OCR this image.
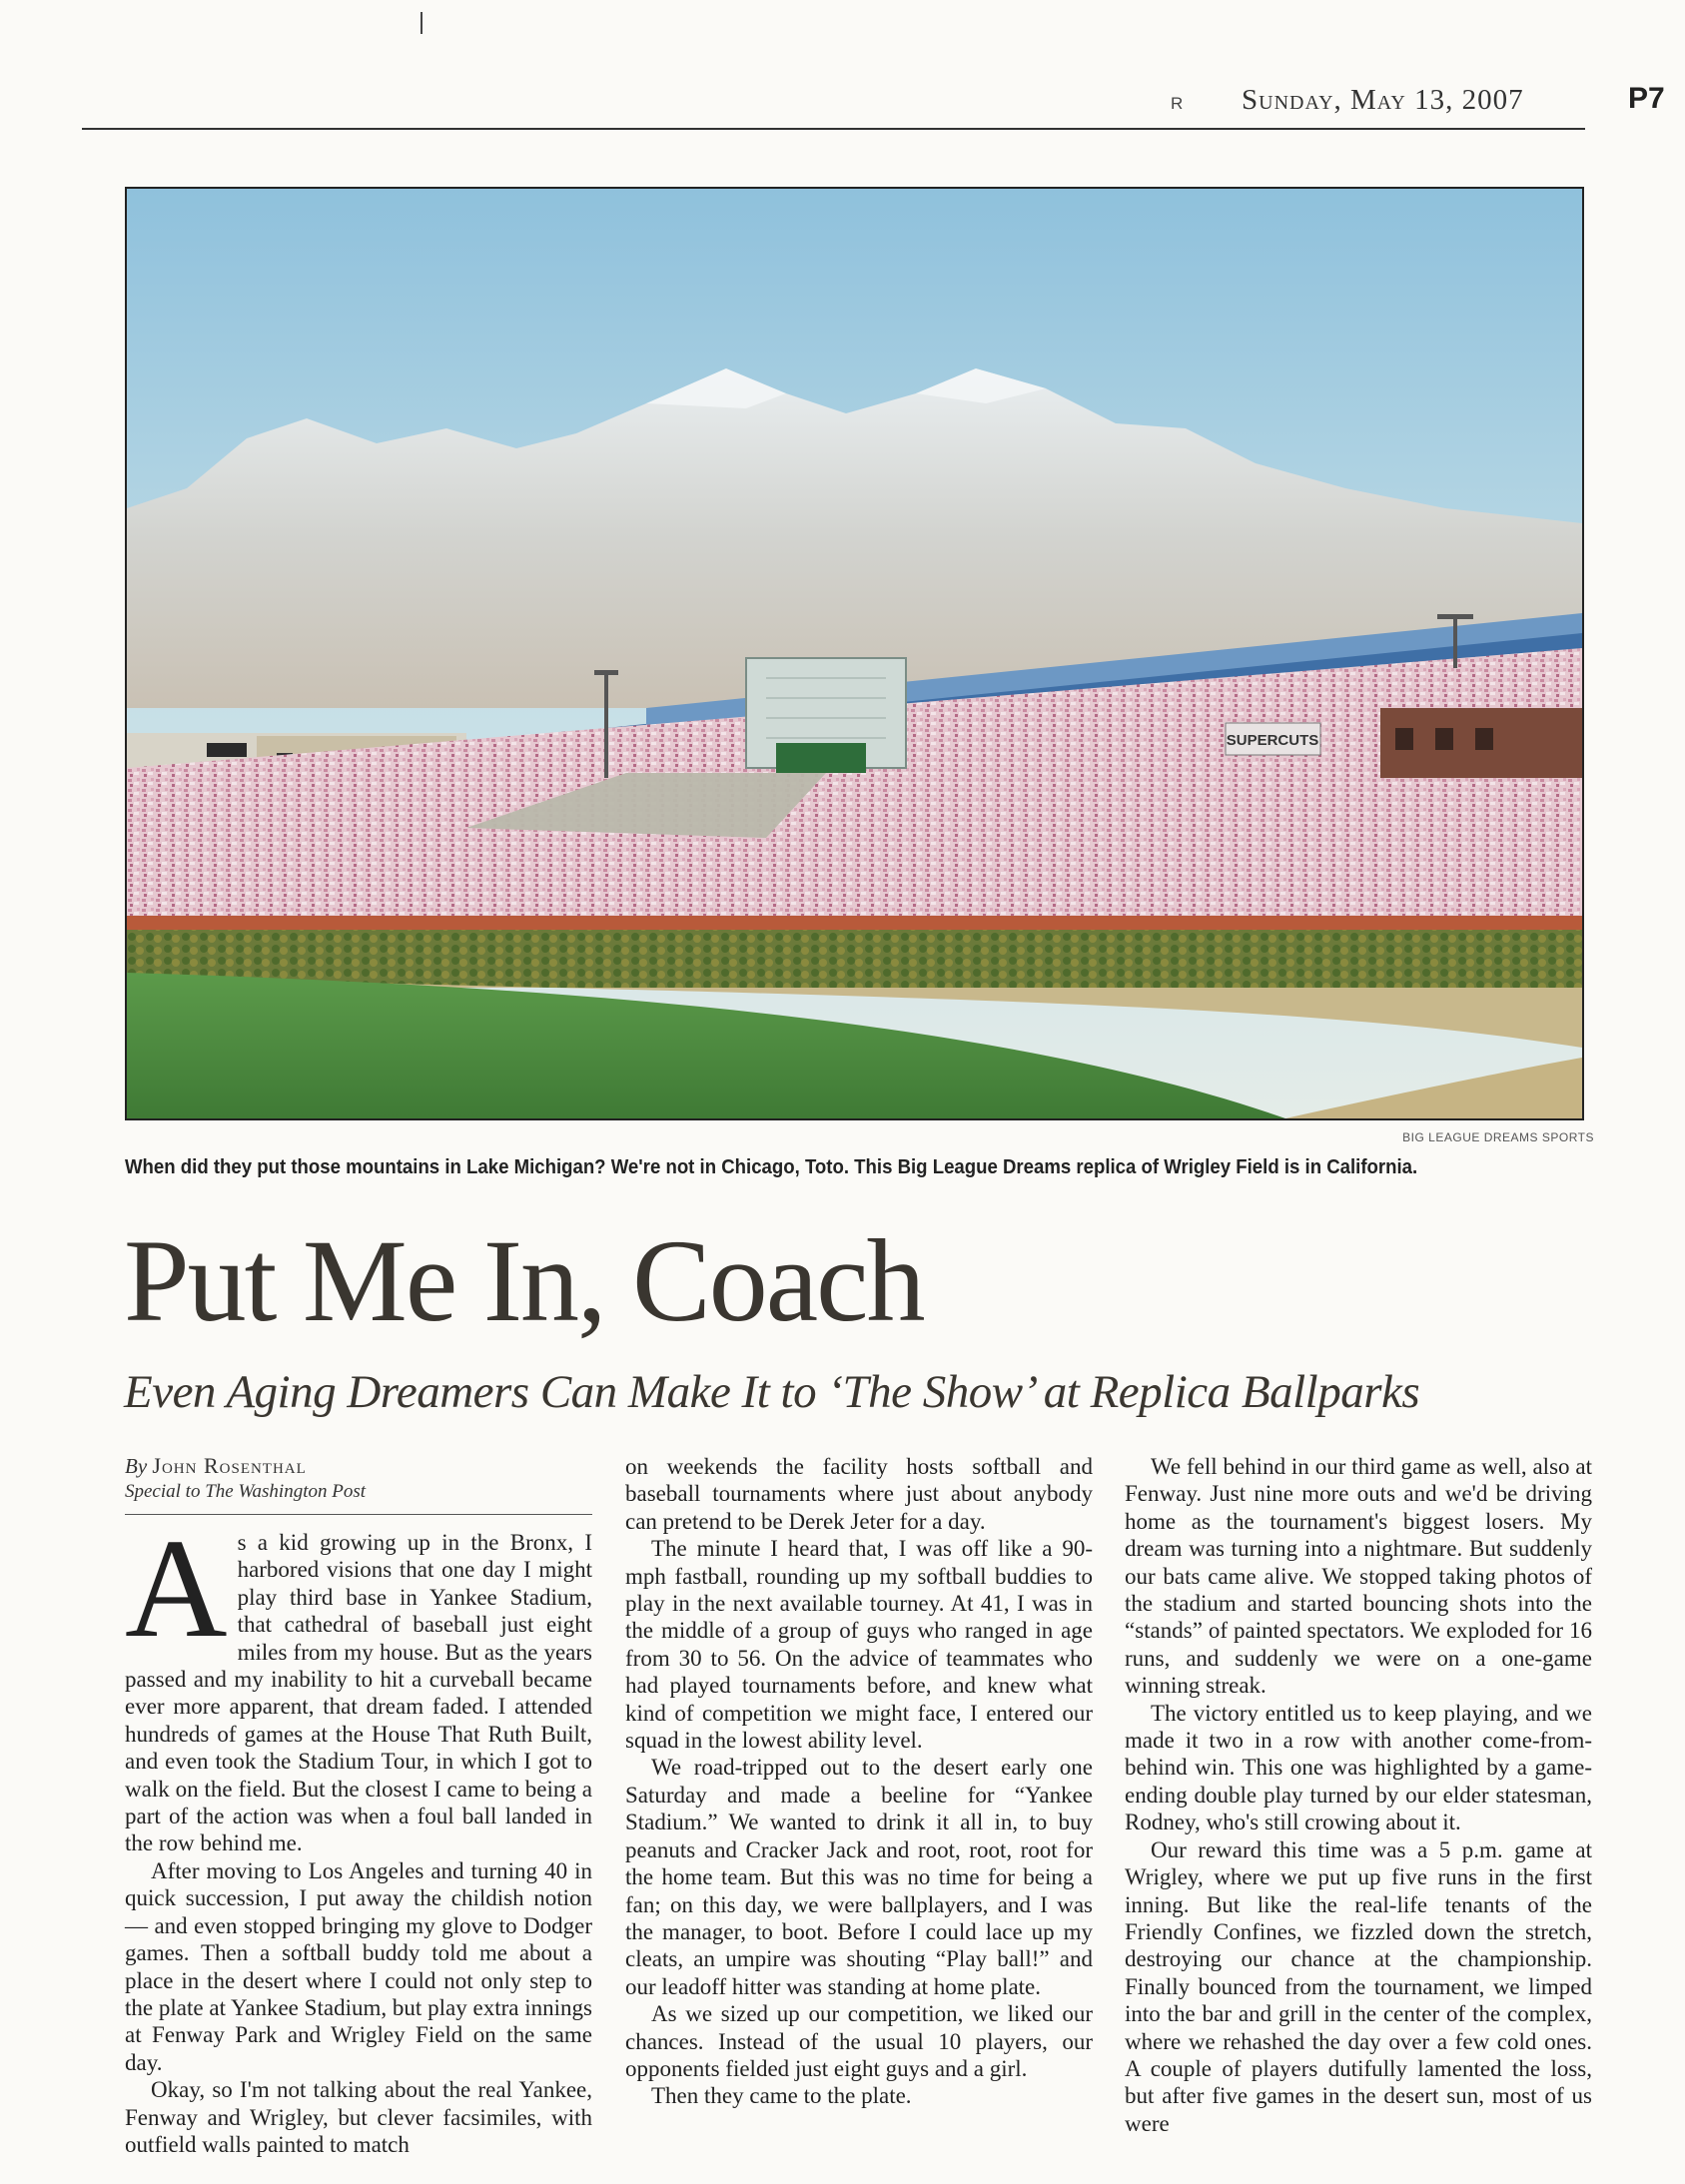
R Sunday, May 13, 2007	P7
SUPERCUTS
BIG LEAGUE DREAMS SPORTS
When did they put those mountains in Lake Michigan? We're not in Chicago, Toto. This Big League Dreams replica of Wrigley Field is in California.
Put Me In, Coach
Even Aging Dreamers Can Make It to ‘The Show’ at Replica Ballparks
By John Rosenthal
Special to The Washington Post

As a kid growing up in the Bronx, I harbored visions that one day I might play third base in Yankee Stadium, that cathedral of baseball just eight miles from my house. But as the years passed and my inability to hit a curveball became ever more apparent, that dream faded. I attended hundreds of games at the House That Ruth Built, and even took the Stadium Tour, in which I got to walk on the field. But the closest I came to being a part of the action was when a foul ball landed in the row behind me.

After moving to Los Angeles and turning 40 in quick succession, I put away the childish notion — and even stopped bringing my glove to Dodger games. Then a softball buddy told me about a place in the desert where I could not only step to the plate at Yankee Stadium, but play extra innings at Fenway Park and Wrigley Field on the same day.

Okay, so I'm not talking about the real Yankee, Fenway and Wrigley, but clever facsimiles, with outfield walls painted to match

on weekends the facility hosts softball and baseball tournaments where just about anybody can pretend to be Derek Jeter for a day.

The minute I heard that, I was off like a 90-mph fastball, rounding up my softball buddies to play in the next available tourney. At 41, I was in the middle of a group of guys who ranged in age from 30 to 56. On the advice of teammates who had played tournaments before, and knew what kind of competition we might face, I entered our squad in the lowest ability level.

We road-tripped out to the desert early one Saturday and made a beeline for “Yankee Stadium.” We wanted to drink it all in, to buy peanuts and Cracker Jack and root, root, root for the home team. But this was no time for being a fan; on this day, we were ballplayers, and I was the manager, to boot. Before I could lace up my cleats, an umpire was shouting “Play ball!” and our leadoff hitter was standing at home plate.

As we sized up our competition, we liked our chances. Instead of the usual 10 players, our opponents fielded just eight guys and a girl.

Then they came to the plate.

We fell behind in our third game as well, also at Fenway. Just nine more outs and we'd be driving home as the tournament's biggest losers. My dream was turning into a nightmare. But suddenly our bats came alive. We stopped taking photos of the stadium and started bouncing shots into the “stands” of painted spectators. We exploded for 16 runs, and suddenly we were on a one-game winning streak.

The victory entitled us to keep playing, and we made it two in a row with another come-from-behind win. This one was highlighted by a game-ending double play turned by our elder statesman, Rodney, who's still crowing about it.

Our reward this time was a 5 p.m. game at Wrigley, where we put up five runs in the first inning. But like the real-life tenants of the Friendly Confines, we fizzled down the stretch, destroying our chance at the championship. Finally bounced from the tournament, we limped into the bar and grill in the center of the complex, where we rehashed the day over a few cold ones. A couple of players dutifully lamented the loss, but after five games in the desert sun, most of us were
